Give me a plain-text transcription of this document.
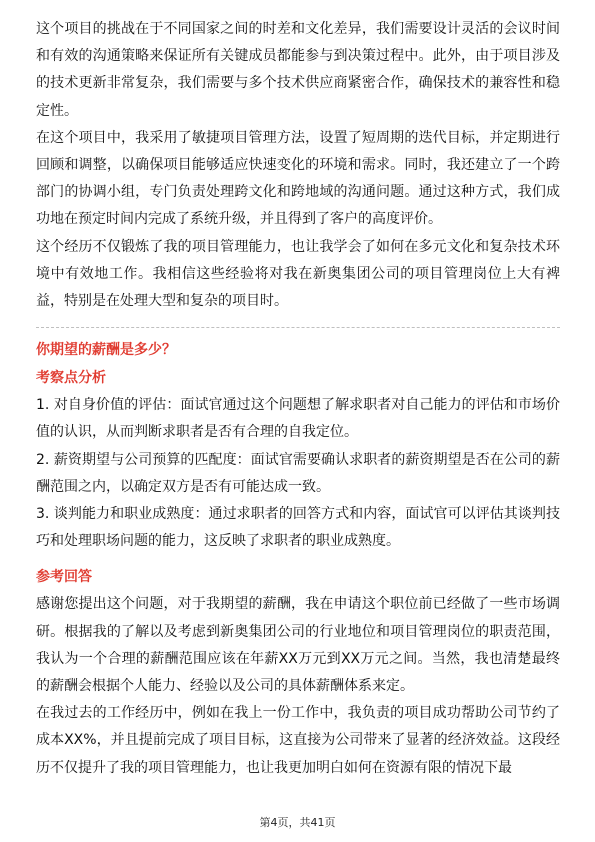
这个项目的挑战在于不同国家之间的时差和文化差异，我们需要设计灵活的会议时间和有效的沟通策略来保证所有关键成员都能参与到决策过程中。此外，由于项目涉及的技术更新非常复杂，我们需要与多个技术供应商紧密合作，确保技术的兼容性和稳定性。

在这个项目中，我采用了敏捷项目管理方法，设置了短周期的迭代目标，并定期进行回顾和调整，以确保项目能够适应快速变化的环境和需求。同时，我还建立了一个跨部门的协调小组，专门负责处理跨文化和跨地域的沟通问题。通过这种方式，我们成功地在预定时间内完成了系统升级，并且得到了客户的高度评价。

这个经历不仅锻炼了我的项目管理能力，也让我学会了如何在多元文化和复杂技术环境中有效地工作。我相信这些经验将对我在新奥集团公司的项目管理岗位上大有裨益，特别是在处理大型和复杂的项目时。

你期望的薪酬是多少？
考察点分析

1. 对自身价值的评估：面试官通过这个问题想了解求职者对自己能力的评估和市场价值的认识，从而判断求职者是否有合理的自我定位。

2. 薪资期望与公司预算的匹配度：面试官需要确认求职者的薪资期望是否在公司的薪酬范围之内，以确定双方是否有可能达成一致。

3. 谈判能力和职业成熟度：通过求职者的回答方式和内容，面试官可以评估其谈判技巧和处理职场问题的能力，这反映了求职者的职业成熟度。

参考回答

感谢您提出这个问题，对于我期望的薪酬，我在申请这个职位前已经做了一些市场调研。根据我的了解以及考虑到新奥集团公司的行业地位和项目管理岗位的职责范围，我认为一个合理的薪酬范围应该在年薪XX万元到XX万元之间。当然，我也清楚最终的薪酬会根据个人能力、经验以及公司的具体薪酬体系来定。

在我过去的工作经历中，例如在我上一份工作中，我负责的项目成功帮助公司节约了成本XX%，并且提前完成了项目目标，这直接为公司带来了显著的经济效益。这段经历不仅提升了我的项目管理能力，也让我更加明白如何在资源有限的情况下最

第4页，共41页
